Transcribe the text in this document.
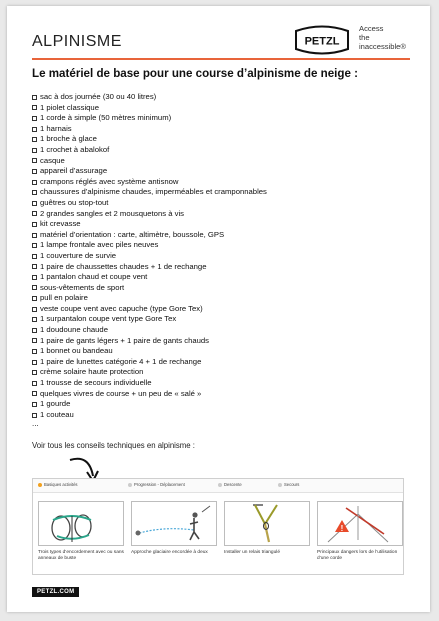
ALPINISME	PETZL
Access
the
inaccessible®
Le matériel de base pour une course d’alpinisme de neige :
sac à dos journée (30 ou 40 litres)
1 piolet classique
1 corde à simple (50 mètres minimum)
1 harnais
1 broche à glace
1 crochet à abalokof
casque
appareil d’assurage
crampons réglés avec système antisnow
chaussures d’alpinisme chaudes, imperméables et cramponnables
guêtres ou stop-tout
2 grandes sangles et 2 mousquetons à vis
kit crevasse
matériel d’orientation : carte, altimètre, boussole, GPS
1 lampe frontale avec piles neuves
1 couverture de survie
1 paire de chaussettes chaudes + 1 de rechange
1 pantalon chaud et coupe vent
sous-vêtements de sport
pull en polaire
veste coupe vent avec capuche (type Gore Tex)
1 surpantalon coupe vent type Gore Tex
1 doudoune chaude
1 paire de gants légers + 1 paire de gants chauds
1 bonnet ou bandeau
1 paire de lunettes catégorie 4 + 1 de rechange
crème solaire haute protection
1 trousse de secours individuelle
quelques vivres de course + un peu de « salé »
1 gourde
1 couteau
...
Voir tous les conseils techniques en alpinisme :
Basiques activités	Progression - Déplacement	Descente	Secours
Trois types d’encordement avec ou sans anneaux de buste
Approche glaciaire encordée à deux	Installer un relais triangulé
!
Principaux dangers lors de l’utilisation d’une corde
PETZL.COM
